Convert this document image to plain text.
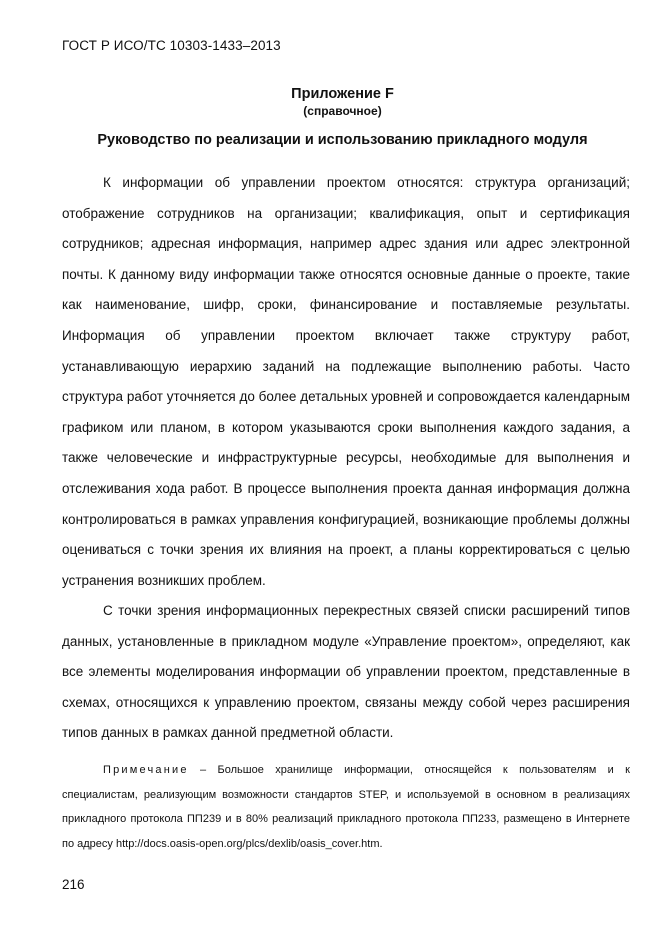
ГОСТ Р ИСО/ТС 10303-1433–2013
Приложение F
(справочное)
Руководство по реализации и использованию прикладного модуля

К информации об управлении проектом относятся: структура организаций; отображение сотрудников на организации; квалификация, опыт и сертификация сотрудников; адресная информация, например адрес здания или адрес электронной почты. К данному виду информации также относятся основные данные о проекте, такие как наименование, шифр, сроки, финансирование и поставляемые результаты. Информация об управлении проектом включает также структуру работ, устанавливающую иерархию заданий на подлежащие выполнению работы. Часто структура работ уточняется до более детальных уровней и сопровождается календарным графиком или планом, в котором указываются сроки выполнения каждого задания, а также человеческие и инфраструктурные ресурсы, необходимые для выполнения и отслеживания хода работ. В процессе выполнения проекта данная информация должна контролироваться в рамках управления конфигурацией, возникающие проблемы должны оцениваться с точки зрения их влияния на проект, а планы корректироваться с целью устранения возникших проблем.

С точки зрения информационных перекрестных связей списки расширений типов данных, установленные в прикладном модуле «Управление проектом», определяют, как все элементы моделирования информации об управлении проектом, представленные в схемах, относящихся к управлению проектом, связаны между собой через расширения типов данных в рамках данной предметной области.

Примечание – Большое хранилище информации, относящейся к пользователям и к специалистам, реализующим возможности стандартов STEP, и используемой в основном в реализациях прикладного протокола ПП239 и в 80% реализаций прикладного протокола ПП233, размещено в Интернете по адресу http://docs.oasis-open.org/plcs/dexlib/oasis_cover.htm.
216
